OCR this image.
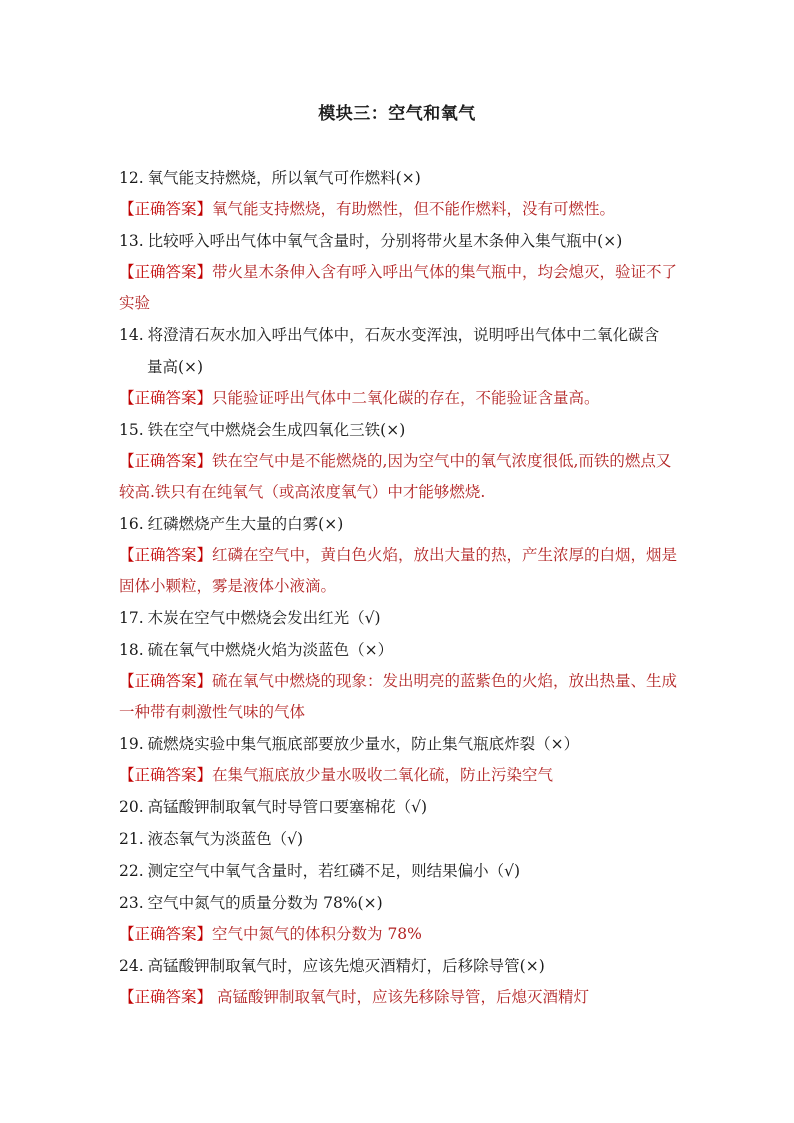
模块三：空气和氧气
12. 氧气能支持燃烧，所以氧气可作燃料(×)
【正确答案】氧气能支持燃烧，有助燃性，但不能作燃料，没有可燃性。
13. 比较呼入呼出气体中氧气含量时，分别将带火星木条伸入集气瓶中(×)
【正确答案】带火星木条伸入含有呼入呼出气体的集气瓶中，均会熄灭，验证不了实验
14. 将澄清石灰水加入呼出气体中，石灰水变浑浊，说明呼出气体中二氧化碳含
量高(×)
【正确答案】只能验证呼出气体中二氧化碳的存在，不能验证含量高。
15. 铁在空气中燃烧会生成四氧化三铁(×)
【正确答案】铁在空气中是不能燃烧的,因为空气中的氧气浓度很低,而铁的燃点又较高.铁只有在纯氧气（或高浓度氧气）中才能够燃烧.
16. 红磷燃烧产生大量的白雾(×)
【正确答案】红磷在空气中，黄白色火焰，放出大量的热，产生浓厚的白烟，烟是固体小颗粒，雾是液体小液滴。
17. 木炭在空气中燃烧会发出红光（√)
18. 硫在氧气中燃烧火焰为淡蓝色（×）
【正确答案】硫在氧气中燃烧的现象：发出明亮的蓝紫色的火焰，放出热量、生成一种带有刺激性气味的气体
19. 硫燃烧实验中集气瓶底部要放少量水，防止集气瓶底炸裂（×）
【正确答案】在集气瓶底放少量水吸收二氧化硫，防止污染空气
20. 高锰酸钾制取氧气时导管口要塞棉花（√)
21. 液态氧气为淡蓝色（√)
22. 测定空气中氧气含量时，若红磷不足，则结果偏小（√)
23. 空气中氮气的质量分数为 78%(×)
【正确答案】空气中氮气的体积分数为 78%
24. 高锰酸钾制取氧气时，应该先熄灭酒精灯，后移除导管(×)
【正确答案】 高锰酸钾制取氧气时，应该先移除导管，后熄灭酒精灯
